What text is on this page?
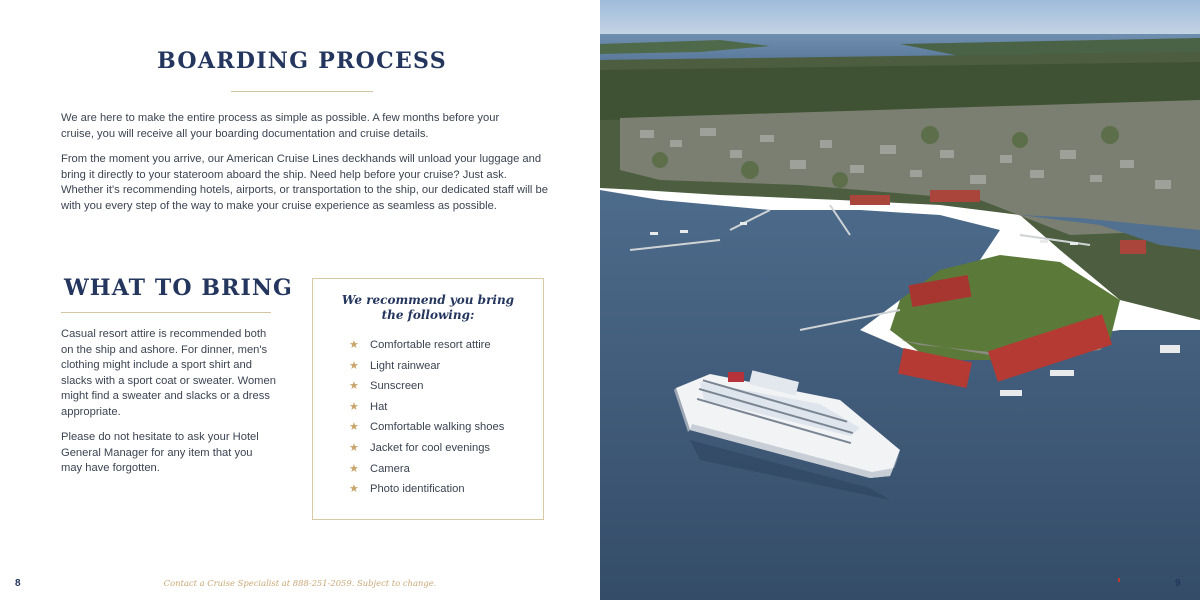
BOARDING PROCESS

We are here to make the entire process as simple as possible. A few months before your cruise, you will receive all your boarding documentation and cruise details.

From the moment you arrive, our American Cruise Lines deckhands will unload your luggage and bring it directly to your stateroom aboard the ship. Need help before your cruise? Just ask. Whether it's recommending hotels, airports, or transportation to the ship, our dedicated staff will be with you every step of the way to make your cruise experience as seamless as possible.

WHAT TO BRING

Casual resort attire is recommended both on the ship and ashore. For dinner, men's clothing might include a sport shirt and slacks with a sport coat or sweater. Women might find a sweater and slacks or a dress appropriate.

Please do not hesitate to ask your Hotel General Manager for any item that you may have forgotten.

We recommend you bring
the following:
★ Comfortable resort attire
★ Light rainwear
★ Sunscreen
★ Hat
★ Comfortable walking shoes
★ Jacket for cool evenings
★ Camera
★ Photo identification
Contact a Cruise Specialist at 888-251-2059. Subject to change.
8	9
